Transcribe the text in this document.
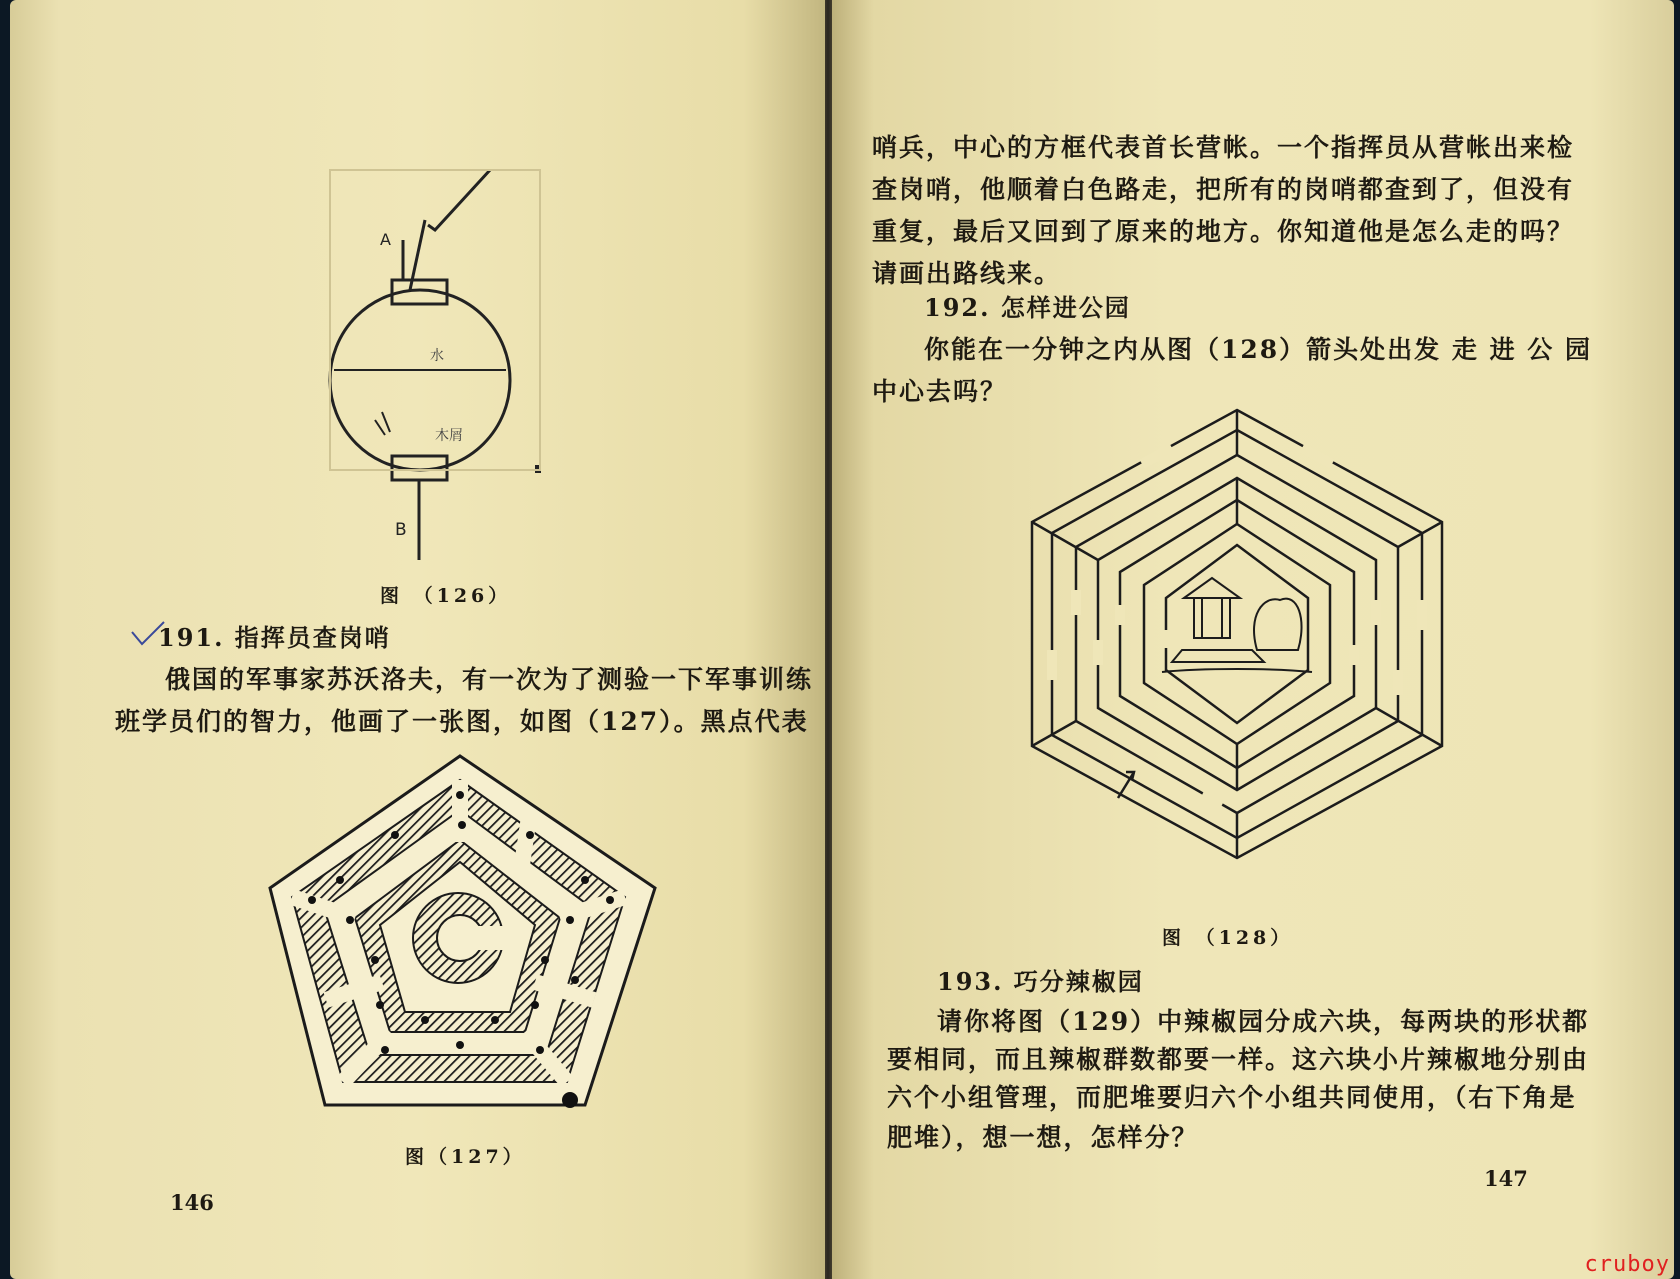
A
B
水
木屑
图 （126）
191. 指挥员查岗哨
俄国的军事家苏沃洛夫，有一次为了测验一下军事训练
班学员们的智力，他画了一张图，如图（127）。黑点代表
图（127）
146
哨兵，中心的方框代表首长营帐。一个指挥员从营帐出来检
查岗哨，他顺着白色路走，把所有的岗哨都查到了，但没有
重复，最后又回到了原来的地方。你知道他是怎么走的吗？
请画出路线来。
192. 怎样进公园
你能在一分钟之内从图（128）箭头处出发 走 进 公 园
中心去吗？
图 （128）
193. 巧分辣椒园
请你将图（129）中辣椒园分成六块，每两块的形状都
要相同，而且辣椒群数都要一样。这六块小片辣椒地分别由
六个小组管理，而肥堆要归六个小组共同使用，（右下角是
肥堆），想一想，怎样分？
147
cruboy
